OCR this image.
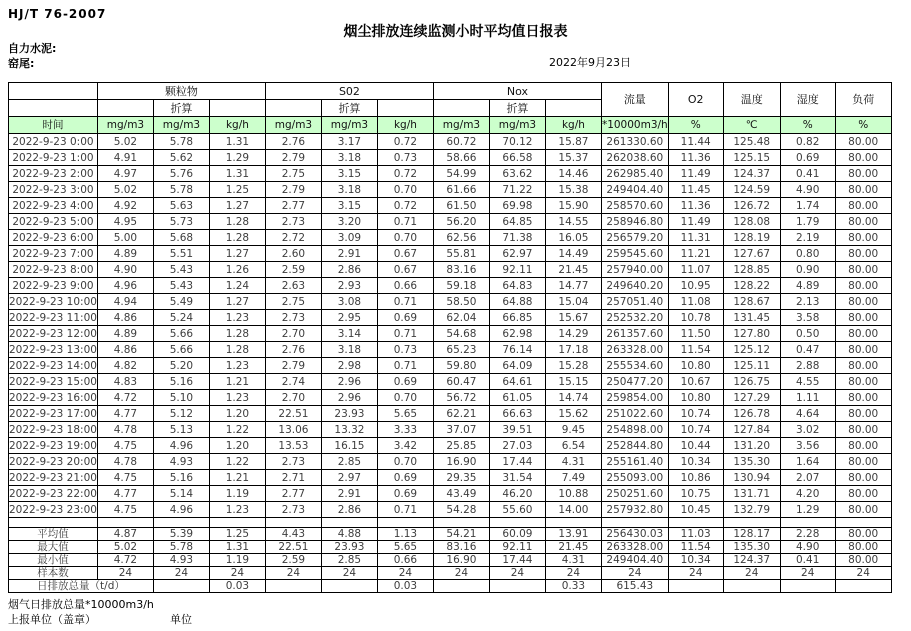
HJ/T 76-2007
烟尘排放连续监测小时平均值日报表
自力水泥:
窑尾:	2022年9月23日
	颗粒物			S02			Nox			流量	O2	温度	湿度	负荷
		折算			折算			折算						
时间	mg/m3	mg/m3	kg/h	mg/m3	mg/m3	kg/h	mg/m3	mg/m3	kg/h	*10000m3/h	%	℃	%	%
2022-9-23 0:00	5.02	5.78	1.31	2.76	3.17	0.72	60.72	70.12	15.87	261330.60	11.44	125.48	0.82	80.00
2022-9-23 1:00	4.91	5.62	1.29	2.79	3.18	0.73	58.66	66.58	15.37	262038.60	11.36	125.15	0.69	80.00
2022-9-23 2:00	4.97	5.76	1.31	2.75	3.15	0.72	54.99	63.62	14.46	262985.40	11.49	124.37	0.41	80.00
2022-9-23 3:00	5.02	5.78	1.25	2.79	3.18	0.70	61.66	71.22	15.38	249404.40	11.45	124.59	4.90	80.00
2022-9-23 4:00	4.92	5.63	1.27	2.77	3.15	0.72	61.50	69.98	15.90	258570.60	11.36	126.72	1.74	80.00
2022-9-23 5:00	4.95	5.73	1.28	2.73	3.20	0.71	56.20	64.85	14.55	258946.80	11.49	128.08	1.79	80.00
2022-9-23 6:00	5.00	5.68	1.28	2.72	3.09	0.70	62.56	71.38	16.05	256579.20	11.31	128.19	2.19	80.00
2022-9-23 7:00	4.89	5.51	1.27	2.60	2.91	0.67	55.81	62.97	14.49	259545.60	11.21	127.67	0.80	80.00
2022-9-23 8:00	4.90	5.43	1.26	2.59	2.86	0.67	83.16	92.11	21.45	257940.00	11.07	128.85	0.90	80.00
2022-9-23 9:00	4.96	5.43	1.24	2.63	2.93	0.66	59.18	64.83	14.77	249640.20	10.95	128.22	4.89	80.00
2022-9-23 10:00	4.94	5.49	1.27	2.75	3.08	0.71	58.50	64.88	15.04	257051.40	11.08	128.67	2.13	80.00
2022-9-23 11:00	4.86	5.24	1.23	2.73	2.95	0.69	62.04	66.85	15.67	252532.20	10.78	131.45	3.58	80.00
2022-9-23 12:00	4.89	5.66	1.28	2.70	3.14	0.71	54.68	62.98	14.29	261357.60	11.50	127.80	0.50	80.00
2022-9-23 13:00	4.86	5.66	1.28	2.76	3.18	0.73	65.23	76.14	17.18	263328.00	11.54	125.12	0.47	80.00
2022-9-23 14:00	4.82	5.20	1.23	2.79	2.98	0.71	59.80	64.09	15.28	255534.60	10.80	125.11	2.88	80.00
2022-9-23 15:00	4.83	5.16	1.21	2.74	2.96	0.69	60.47	64.61	15.15	250477.20	10.67	126.75	4.55	80.00
2022-9-23 16:00	4.72	5.10	1.23	2.70	2.96	0.70	56.72	61.05	14.74	259854.00	10.80	127.29	1.11	80.00
2022-9-23 17:00	4.77	5.12	1.20	22.51	23.93	5.65	62.21	66.63	15.62	251022.60	10.74	126.78	4.64	80.00
2022-9-23 18:00	4.78	5.13	1.22	13.06	13.32	3.33	37.07	39.51	9.45	254898.00	10.74	127.84	3.02	80.00
2022-9-23 19:00	4.75	4.96	1.20	13.53	16.15	3.42	25.85	27.03	6.54	252844.80	10.44	131.20	3.56	80.00
2022-9-23 20:00	4.78	4.93	1.22	2.73	2.85	0.70	16.90	17.44	4.31	255161.40	10.34	135.30	1.64	80.00
2022-9-23 21:00	4.75	5.16	1.21	2.71	2.97	0.69	29.35	31.54	7.49	255093.00	10.86	130.94	2.07	80.00
2022-9-23 22:00	4.77	5.14	1.19	2.77	2.91	0.69	43.49	46.20	10.88	250251.60	10.75	131.71	4.20	80.00
2022-9-23 23:00	4.75	4.96	1.23	2.73	2.86	0.71	54.28	55.60	14.00	257932.80	10.45	132.79	1.29	80.00

平均值	4.87	5.39	1.25	4.43	4.88	1.13	54.21	60.09	13.91	256430.03	11.03	128.17	2.28	80.00
最大值	5.02	5.78	1.31	22.51	23.93	5.65	83.16	92.11	21.45	263328.00	11.54	135.30	4.90	80.00
最小值	4.72	4.93	1.19	2.59	2.85	0.66	16.90	17.44	4.31	249404.40	10.34	124.37	0.41	80.00
样本数	24	24	24	24	24	24	24	24	24	24	24	24	24	24
日排放总量（t/d）			0.03			0.03			0.33	615.43				
烟气日排放总量*10000m3/h
上报单位（盖章）	单位
